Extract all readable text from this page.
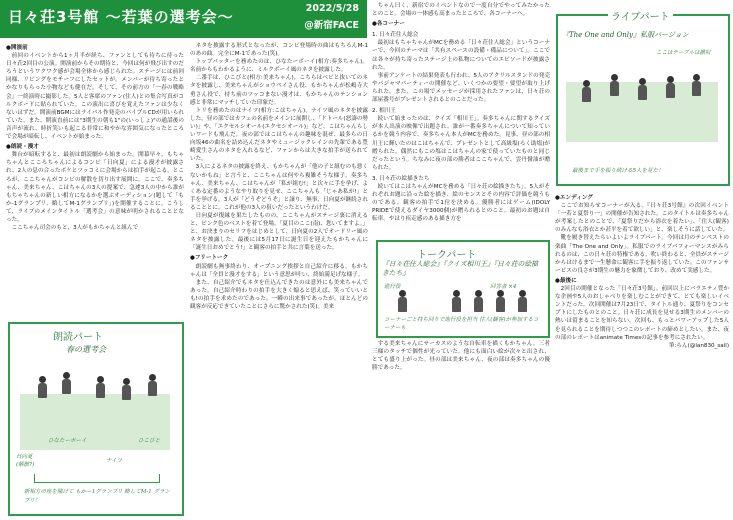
日々荘3号館 〜若葉の選考会〜	2022/5/28
@新宿FACE

●開演前

前回のイベントから1ヶ月半が経ち、ファンとしても待ちに待った日々荘2回目の公演。開演前からその期待と、今回は何が飛び出すのだろうというワクワク感が会場全体から感じられた。ステージには前回同様、リビングをモチーフにしたセットが。メンバーが待ち寄ったとかなりもらった小物なども健在だ。そして、その前方の「一春の戦略会」一終演時に撮影した。5人と客席のファン(住人)との集合写真がコルクボードに貼られていた。この演出に喜びを覚えたファンは少なくないはずだ。開演前BGMにはライバル作発売のパイプルCDが用いられていた。また、開演直前には"3期生の朝も1"の(いっしょ)"の通話後の音声が流れ、時折笑いも起こる非常に和やかな雰囲気になったところで会場が暗転し、イベントが始まった。

●朗読・漫才

舞台が暗転すると、最初は朗読劇から始まった。開幕早々、もちゃちゃんとこころちゃんによるコンビ「日向夏」による漫才が披露され、2人の息の合ったボケとツッコミに会場からは拍手が起こる。ところが、ここちゃんがコンビの解散を切り出す展開に。ここで、奏多ちゃん、美来ちゃん、こはちゃんの3人の提案で、急遽3人の中から誰がもちゃちゃんの新しい相方になるかを選ぶオーディション(題して「もか-1グランプリ、略してM-1グランプリ」)を開催することに。こうして、ライブのメインタイトル「選考会」の意味が明かされることとなった。

ここちゃん司会のもと、3人がもかちゃんと組んで

朗読パート
春の選考会
日向夏
(解散?)
ひなたーボーイ
ナイツ
ひこびと
新相方の座を賭けて もかー1グランプリ 略してM-1 グランプリ！

ネタを披露する形式となったが、コンビ登場時の曲はもちろんM-1のあの曲。完全にM-1であった(笑)。

トップバッターを務めたのは、ひなたーボーイ(相方:奏多ちゃん)。名前からもわかるように、ミルクボーイ風のネタを披露した。

二番手は、ひこびと(相方:美来ちゃん)。こちらはベビと抜いてのネタを披露し、美来ちゃんがショウペイさん役、もかちゃんが松嶋寺大勇さん役で、持ち前のツッコまない漫才は、もかちゃんのテンション感と非常にマッチしていた印象だ。

トリを務めたのはナイツ(相方:こはちゃん)。ナイツ風のネタを披露した。昼の部ではカフェの名前をメインに展開し、「ドトール(怒濤の勢い)」や、「エクセルシオール(エクセシオール)」など、こはちゃんらしいワードも飛んだ。夜の部ではこはちゃんの趣味を混ぜ、最多らの日向坂46の曲名を詰め込んだネタやミュージックレインの先輩である豊崎愛生さんのネタを入れるなど、ファンからは大きな拍手が送られていた。

3人によるネタの披露を終え、もかちゃんが「他の子と組むのも悪くないかもね」と言うと、ここちゃんは何やら複雑そうな様子。奏多ちゃん、美来ちゃん、こはちゃんが「私が組む!」と次々に手を挙げ、よくある定番のようなやり取りを見せ、ここちゃんも「じゃあ私が!」と手を挙げる。3人が「どうぞどうぞ」と譲り、無事、日向夏が継続されることとに。これが他の3人の狙いだったというわけだ。

日向夏が復縁を果たしたものの、ここちゃんがステージ裏に消えると、ピンク色のベストを着て登場。「夏目のここ(南)、您いてますよ。」と、お決まりのセリフをはじめとして、日向夏の2人でオードリー風のネタを披露した。最後には5月17日に誕生日を迎えたもかちゃんに「誕生日おめでとう!」と観客の拍手と共に言葉を送った。

●フリートーク

朗読劇も無事終わり、オープニング挨拶と自己紹介に移る。もかちゃんは「全員と漫才をする」という意思が叶い、終始満足げな様子。

また、自己紹介でもネタを仕込んできたのは意外にも美来ちゃんであった。自己紹介時わりの拍手を大きく煽ると思えば、笑っていいとも!の拍手を求めたのであった。一瞬の出来事であったが、ほとんどの観客が反応できていたことにさらに驚かされた(笑)。美来

ちゃん曰く、新宿でのイベントなので一度自分でやってみたかったとのこと。会場の一体感も高まったところで、各コーナーへ。

●各コーナー

1. 日々荘住人総会

最初はもちゃちゃんがMCを務める「日々荘住人総会」というコーナーで、今回のテーマは「共有スペースの設備・備品について」。ここでは各々が持ち寄ったステージ上の私物についてのエピソードが披露された。

事前アンケートの結果発表も行われ、5人のアクリルスタンドの発売やパジャマパーティーの開催など、いくつかの要望・要望が取り上げられた。また、この場でメッセージが採用されたファンは、日々荘の部屋番号がプレゼントされるとのことだった。

2. 相川王

続いて始まったのは、クイズ「相川王」。奏多ちゃんに関するクイズが本人出演の映像で出題され、誰が一番奏多ちゃんについて知っているかを競う内容で、奏多ちゃん本人がMCを務めた。見事、昼の部の相川王に輝いたのはこはちゃんで、プレゼントとして高級塩(ろく助塩)が贈られた。偶然にもこの塩はこはちゃんの家で使っていたものと同じだったという。ちなみに夜の部の勝者はここちゃんで、雲丹醤油が贈られた。

3. 日々荘の絵描きたち

続いてはこはちゃんがMCを務める「日々荘の絵描きたち」。5人がそれぞれお題に沿った絵を描き、絵のセンスとその内容で評価を競うものである。観客の拍手で1位を決める。優勝者にはゲーム(IDOLY PRIDEで使えるダイヤ3000個)が贈られるとのこと。最初のお題は自転車。やはり疾走感のある描き方を

トークパート
『日々荘住人総会』『クイズ相川王』『日々荘の絵描きたち』
進行役	回答者 ×4
コーナーごと持ち回りで進行役を担当 住人(観客)が参加するコーナーも

する美来ちゃんにサーカスのような自転車を描くもかちゃん。三者三様のタッチで個性が光っていた。他にも面白い絵が次々と出され、とても盛り上がった。昼の部は美来ちゃん、夜の部は奏多ちゃんの優勝であった。

ライブパート
『The One and Only』私服バージョン
ここはテーブルは撤収
最後まで手を振り続ける5人を見た！

●エンディング

ここでお知らせコーナーが入る。『日々荘3号館』の次回イベント「一若と夏祭り一」の開催が告知された。このタイトルは奏多ちゃんが考案したとのことで、「夏祭りだから浴衣を着たい」、「住人(観客)のみんなも浴衣とか甚平を着て欲しい」と、楽しそうに話していた。

靴を履き替えたらいよいよライブパート。今回は月のテンペストの楽曲「The One and Only」。私服でのライブパフォーマンスがみられるのは、この日々荘の特権である。吹い終わると、全員がステージからはけるまで一生懸命に観客に手を振り返していた。このファンサービスの良さが3期生の魅力を象徴しており、改めて実感した。

●最後に

2回目の開催となった「日々荘3号館」。前回以上にバラエティ豊かな企画や5人のおしゃべりを楽しむことができて、とても楽しいイベントだった。次回開催は7月23日で、タイトル通り、夏祭りをコンセプトにしたものとのこと。日々荘に成長を見せる3期生のメンバーの熱いは留まることを知らない。次回も、もっとパワーアップした5人を見られることを期待しつつこのレポートの締めとしたい。また、夜の部のレポートはanimate Timesの記事を参考にされたい。

筆:らん(@lan830_sail)
